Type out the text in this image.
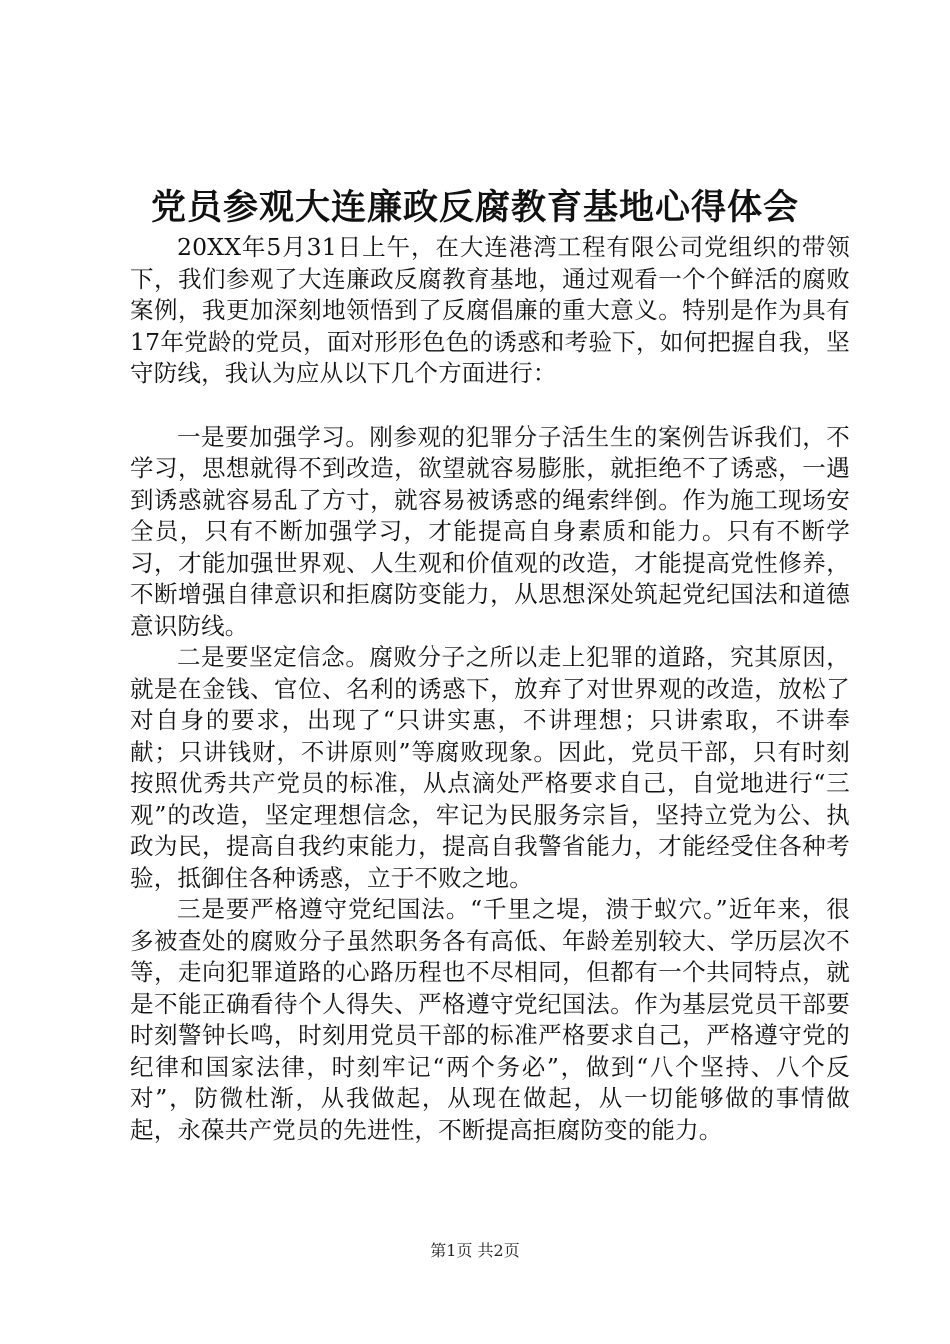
党员参观大连廉政反腐教育基地心得体会

20XX年5月31日上午，在大连港湾工程有限公司党组织的带领下，我们参观了大连廉政反腐教育基地，通过观看一个个鲜活的腐败案例，我更加深刻地领悟到了反腐倡廉的重大意义。特别是作为具有17年党龄的党员，面对形形色色的诱惑和考验下，如何把握自我，坚守防线，我认为应从以下几个方面进行：

一是要加强学习。刚参观的犯罪分子活生生的案例告诉我们，不学习，思想就得不到改造，欲望就容易膨胀，就拒绝不了诱惑，一遇到诱惑就容易乱了方寸，就容易被诱惑的绳索绊倒。作为施工现场安全员，只有不断加强学习，才能提高自身素质和能力。只有不断学习，才能加强世界观、人生观和价值观的改造，才能提高党性修养，不断增强自律意识和拒腐防变能力，从思想深处筑起党纪国法和道德意识防线。

二是要坚定信念。腐败分子之所以走上犯罪的道路，究其原因，就是在金钱、官位、名利的诱惑下，放弃了对世界观的改造，放松了对自身的要求，出现了“只讲实惠，不讲理想；只讲索取，不讲奉献；只讲钱财，不讲原则”等腐败现象。因此，党员干部，只有时刻按照优秀共产党员的标准，从点滴处严格要求自己，自觉地进行“三观”的改造，坚定理想信念，牢记为民服务宗旨，坚持立党为公、执政为民，提高自我约束能力，提高自我警省能力，才能经受住各种考验，抵御住各种诱惑，立于不败之地。

三是要严格遵守党纪国法。“千里之堤，溃于蚁穴。”近年来，很多被查处的腐败分子虽然职务各有高低、年龄差别较大、学历层次不等，走向犯罪道路的心路历程也不尽相同，但都有一个共同特点，就是不能正确看待个人得失、严格遵守党纪国法。作为基层党员干部要时刻警钟长鸣，时刻用党员干部的标准严格要求自己，严格遵守党的纪律和国家法律，时刻牢记“两个务必”，做到“八个坚持、八个反对”，防微杜渐，从我做起，从现在做起，从一切能够做的事情做起，永葆共产党员的先进性，不断提高拒腐防变的能力。

第1页 共2页
